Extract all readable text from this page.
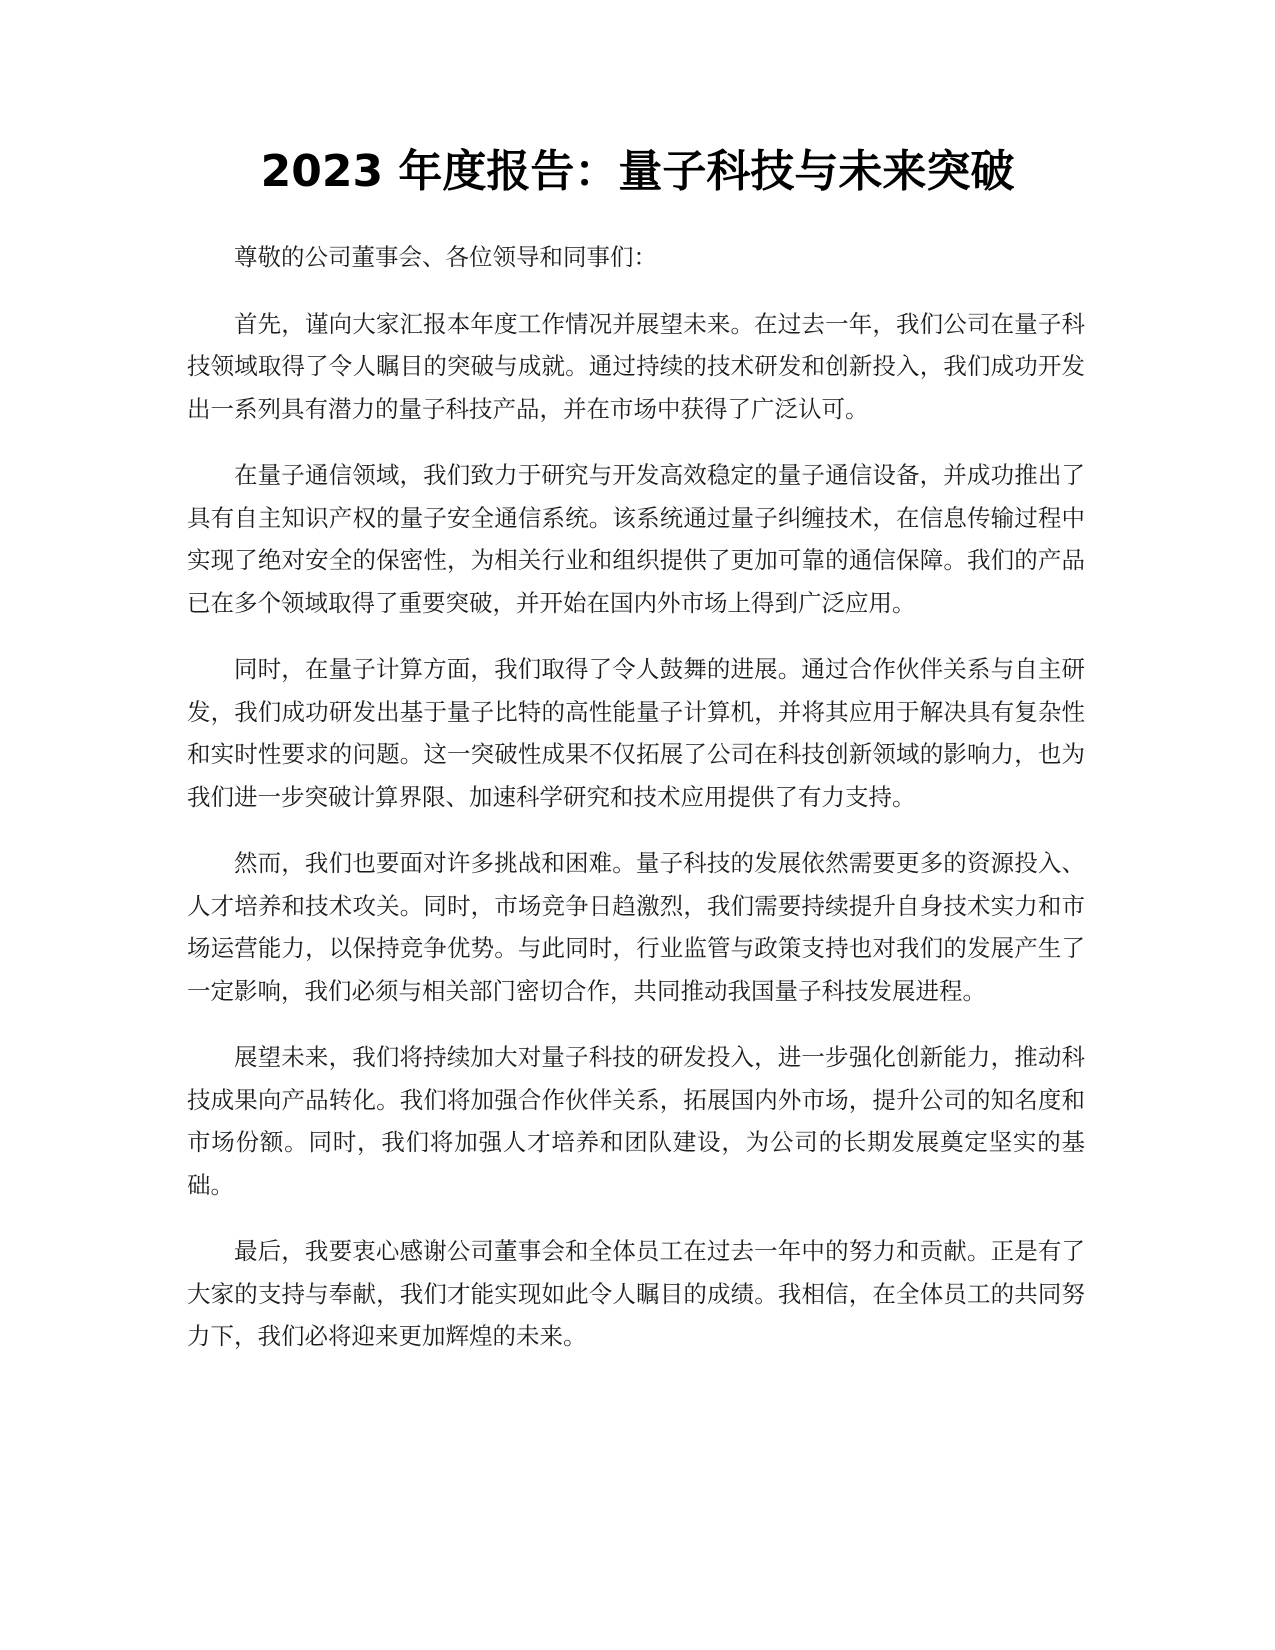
2023 年度报告：量子科技与未来突破

尊敬的公司董事会、各位领导和同事们：

首先，谨向大家汇报本年度工作情况并展望未来。在过去一年，我们公司在量子科技领域取得了令人瞩目的突破与成就。通过持续的技术研发和创新投入，我们成功开发出一系列具有潜力的量子科技产品，并在市场中获得了广泛认可。

在量子通信领域，我们致力于研究与开发高效稳定的量子通信设备，并成功推出了具有自主知识产权的量子安全通信系统。该系统通过量子纠缠技术，在信息传输过程中实现了绝对安全的保密性，为相关行业和组织提供了更加可靠的通信保障。我们的产品已在多个领域取得了重要突破，并开始在国内外市场上得到广泛应用。

同时，在量子计算方面，我们取得了令人鼓舞的进展。通过合作伙伴关系与自主研发，我们成功研发出基于量子比特的高性能量子计算机，并将其应用于解决具有复杂性和实时性要求的问题。这一突破性成果不仅拓展了公司在科技创新领域的影响力，也为我们进一步突破计算界限、加速科学研究和技术应用提供了有力支持。

然而，我们也要面对许多挑战和困难。量子科技的发展依然需要更多的资源投入、人才培养和技术攻关。同时，市场竞争日趋激烈，我们需要持续提升自身技术实力和市场运营能力，以保持竞争优势。与此同时，行业监管与政策支持也对我们的发展产生了一定影响，我们必须与相关部门密切合作，共同推动我国量子科技发展进程。

展望未来，我们将持续加大对量子科技的研发投入，进一步强化创新能力，推动科技成果向产品转化。我们将加强合作伙伴关系，拓展国内外市场，提升公司的知名度和市场份额。同时，我们将加强人才培养和团队建设，为公司的长期发展奠定坚实的基础。

最后，我要衷心感谢公司董事会和全体员工在过去一年中的努力和贡献。正是有了大家的支持与奉献，我们才能实现如此令人瞩目的成绩。我相信，在全体员工的共同努力下，我们必将迎来更加辉煌的未来。
